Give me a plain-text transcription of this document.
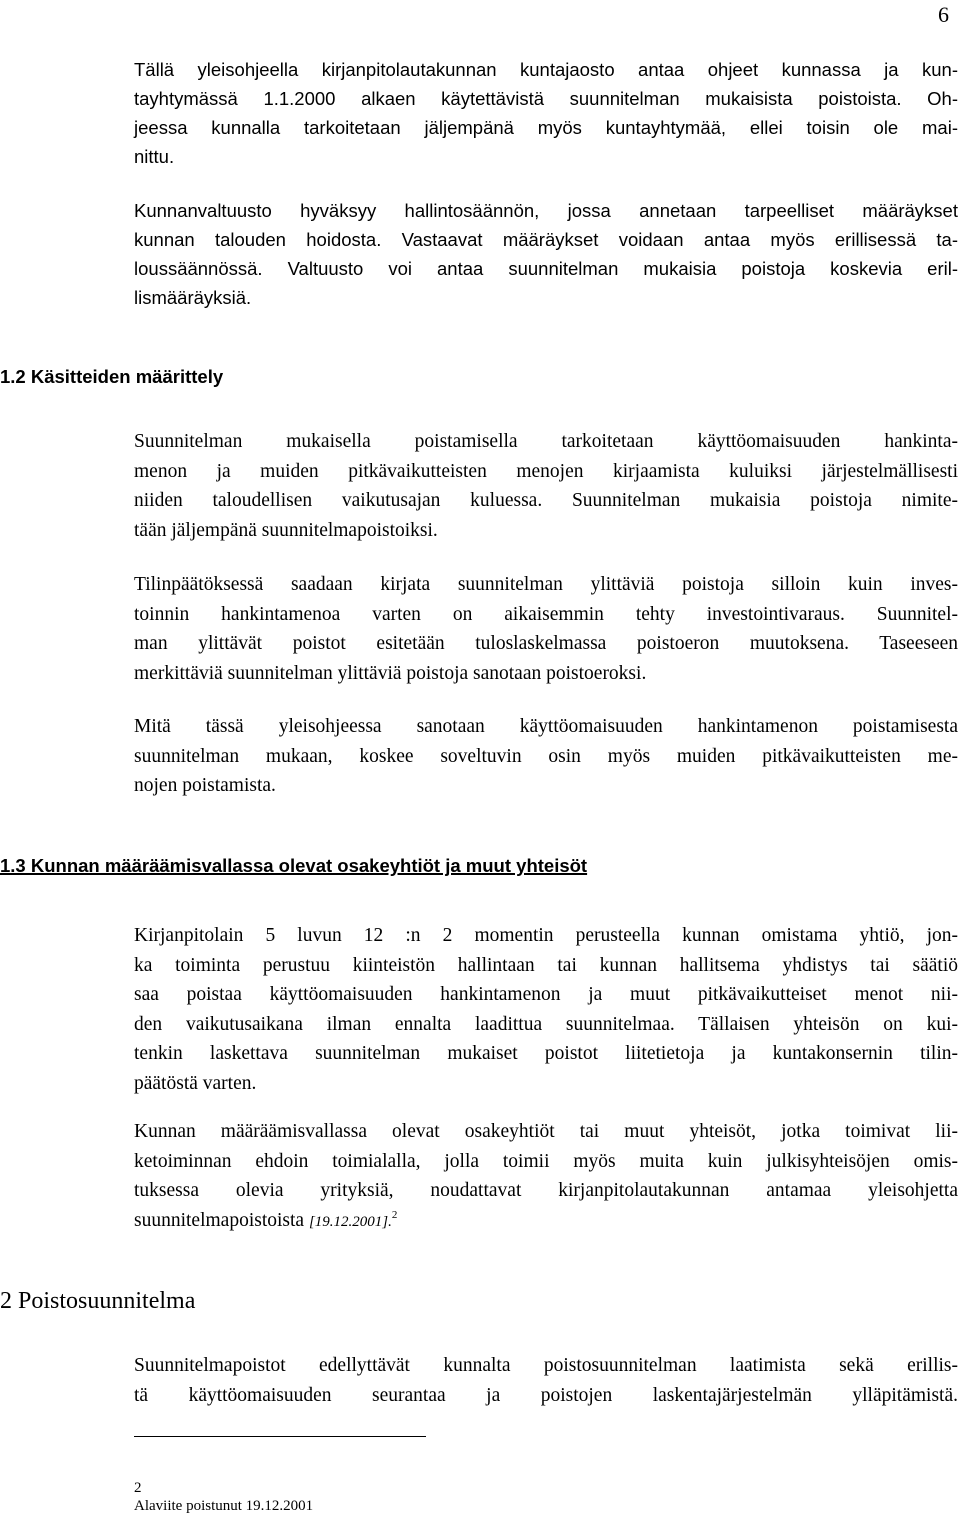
6
Tällä yleisohjeella kirjanpitolautakunnan kuntajaosto antaa ohjeet kunnassa ja kun-
tayhtymässä 1.1.2000 alkaen käytettävistä suunnitelman mukaisista poistoista. Oh-
jeessa kunnalla tarkoitetaan jäljempänä myös kuntayhtymää, ellei toisin ole mai-
nittu.
Kunnanvaltuusto hyväksyy hallintosäännön, jossa annetaan tarpeelliset määräykset
kunnan talouden hoidosta. Vastaavat määräykset voidaan antaa myös erillisessä ta-
loussäännössä. Valtuusto voi antaa suunnitelman mukaisia poistoja koskevia eril-
lismääräyksiä.
1.2 Käsitteiden määrittely
Suunnitelman mukaisella poistamisella tarkoitetaan käyttöomaisuuden hankinta-
menon ja muiden pitkävaikutteisten menojen kirjaamista kuluiksi järjestelmällisesti
niiden taloudellisen vaikutusajan kuluessa. Suunnitelman mukaisia poistoja nimite-
tään jäljempänä suunnitelmapoistoiksi.
Tilinpäätöksessä saadaan kirjata suunnitelman ylittäviä poistoja silloin kuin inves-
toinnin hankintamenoa varten on aikaisemmin tehty investointivaraus. Suunnitel-
man ylittävät poistot esitetään tuloslaskelmassa poistoeron muutoksena. Taseeseen
merkittäviä suunnitelman ylittäviä poistoja sanotaan poistoeroksi.
Mitä tässä yleisohjeessa sanotaan käyttöomaisuuden hankintamenon poistamisesta
suunnitelman mukaan, koskee soveltuvin osin myös muiden pitkävaikutteisten me-
nojen poistamista.
1.3 Kunnan määräämisvallassa olevat osakeyhtiöt ja muut yhteisöt
Kirjanpitolain 5 luvun 12 :n 2 momentin perusteella kunnan omistama yhtiö, jon-
ka toiminta perustuu kiinteistön hallintaan tai kunnan hallitsema yhdistys tai säätiö
saa poistaa käyttöomaisuuden hankintamenon ja muut pitkävaikutteiset menot nii-
den vaikutusaikana ilman ennalta laadittua suunnitelmaa. Tällaisen yhteisön on kui-
tenkin laskettava suunnitelman mukaiset poistot liitetietoja ja kuntakonsernin tilin-
päätöstä varten.
Kunnan määräämisvallassa olevat osakeyhtiöt tai muut yhteisöt, jotka toimivat lii-
ketoiminnan ehdoin toimialalla, jolla toimii myös muita kuin julkisyhteisöjen omis-
tuksessa olevia yrityksiä, noudattavat kirjanpitolautakunnan antamaa yleisohjetta
suunnitelmapoistoista [19.12.2001].$^2$
2 Poistosuunnitelma
Suunnitelmapoistot edellyttävät kunnalta poistosuunnitelman laatimista sekä erillis-
tä käyttöomaisuuden seurantaa ja poistojen laskentajärjestelmän ylläpitämistä.

2

Alaviite poistunut 19.12.2001
